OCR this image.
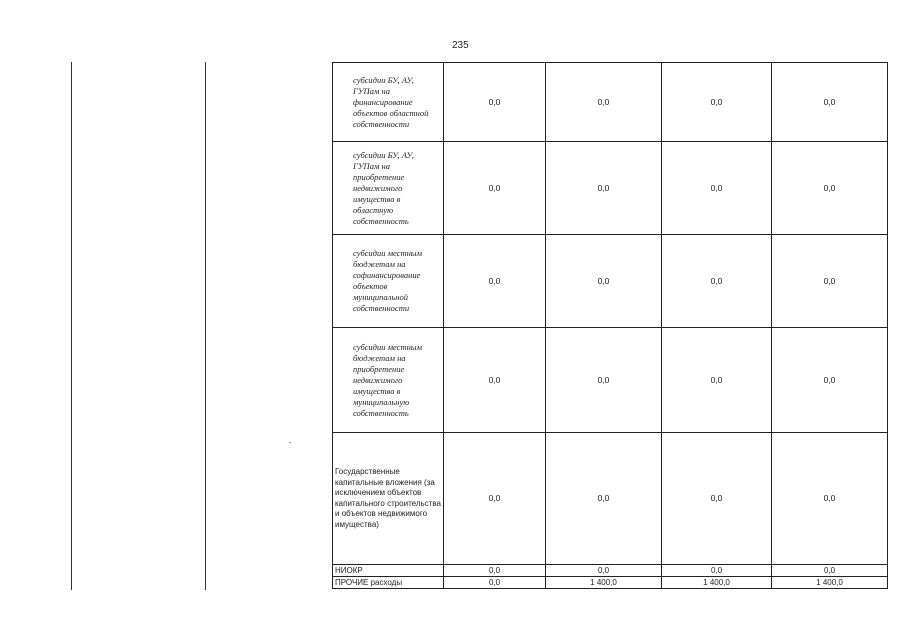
235
субсидии БУ, АУ, ГУПам на финансирование объектов областной собственности	0,0	0,0	0,0	0,0
субсидии БУ, АУ, ГУПам на приобретение недвижимого имущества в областную собственность	0,0	0,0	0,0	0,0
субсидии местным бюджетам на софинансирование объектов муниципальной собственности	0,0	0,0	0,0	0,0
субсидии местным бюджетам на приобретение недвижимого имущества в муниципальную собственность	0,0	0,0	0,0	0,0
Государственные капитальные вложения (за исключением объектов капитального строительства и объектов недвижимого имущества)	0,0	0,0	0,0	0,0
НИОКР	0,0	0,0	0,0	0,0
ПРОЧИЕ расходы	0,0	1 400,0	1 400,0	1 400,0
